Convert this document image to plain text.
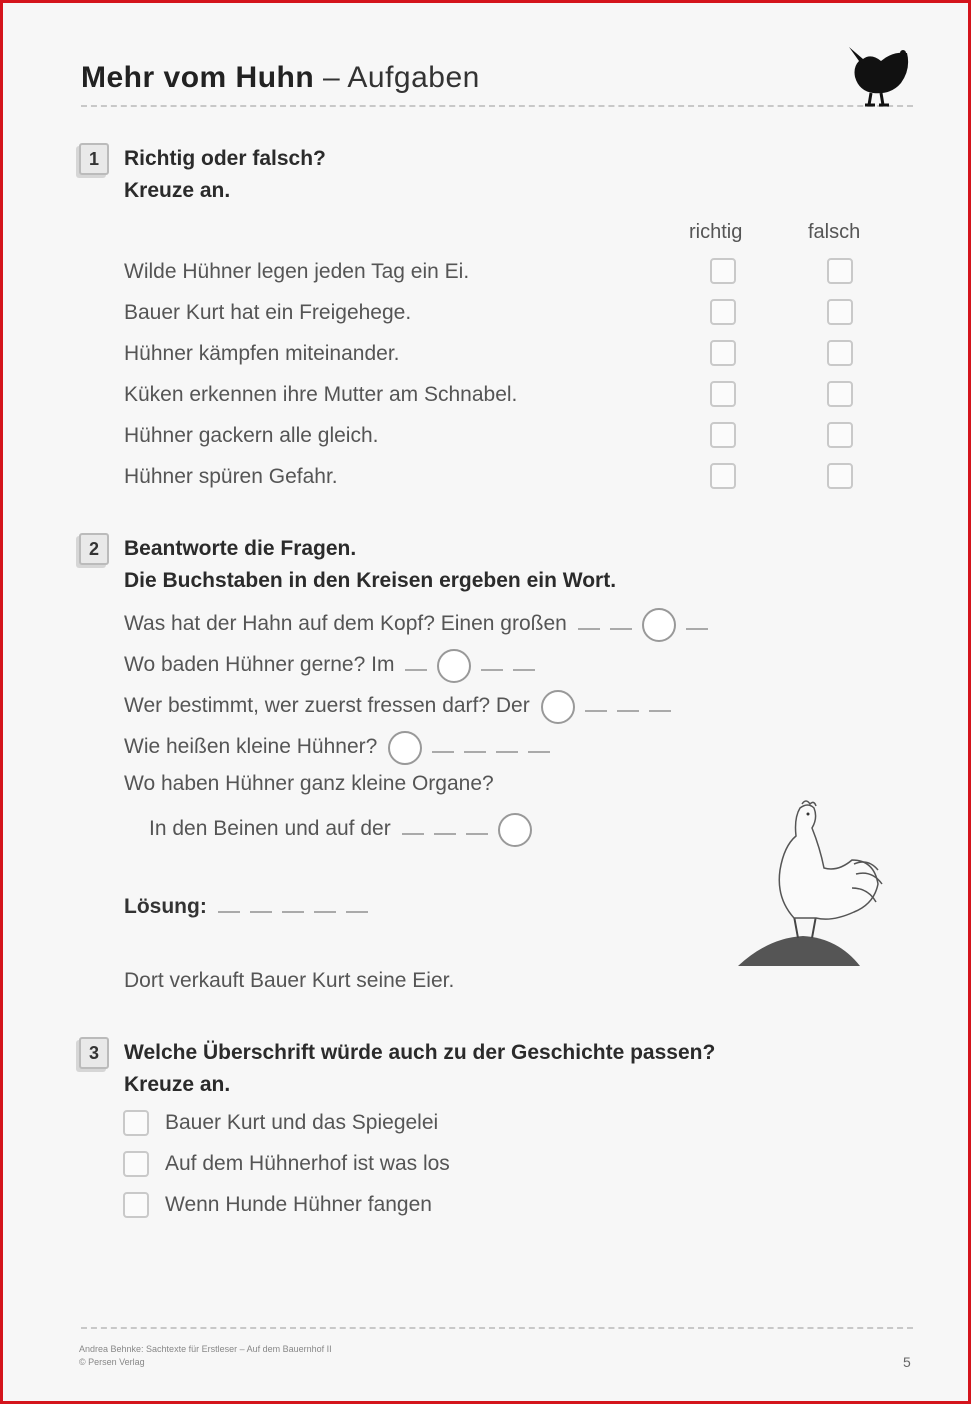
Mehr vom Huhn – Aufgaben
1	Richtig oder falsch?
Kreuze an.
richtig	falsch
Wilde Hühner legen jeden Tag ein Ei.
Bauer Kurt hat ein Freigehege.
Hühner kämpfen miteinander.
Küken erkennen ihre Mutter am Schnabel.
Hühner gackern alle gleich.
Hühner spüren Gefahr.
2	Beantworte die Fragen.
Die Buchstaben in den Kreisen ergeben ein Wort.
Was hat der Hahn auf dem Kopf? Einen großen
Wo baden Hühner gerne? Im
Wer bestimmt, wer zuerst fressen darf? Der
Wie heißen kleine Hühner?
Wo haben Hühner ganz kleine Organe?
In den Beinen und auf der
Lösung:
Dort verkauft Bauer Kurt seine Eier.
3	Welche Überschrift würde auch zu der Geschichte passen?
Kreuze an.
Bauer Kurt und das Spiegelei
Auf dem Hühnerhof ist was los
Wenn Hunde Hühner fangen
Andrea Behnke: Sachtexte für Erstleser – Auf dem Bauernhof II
© Persen Verlag	5
